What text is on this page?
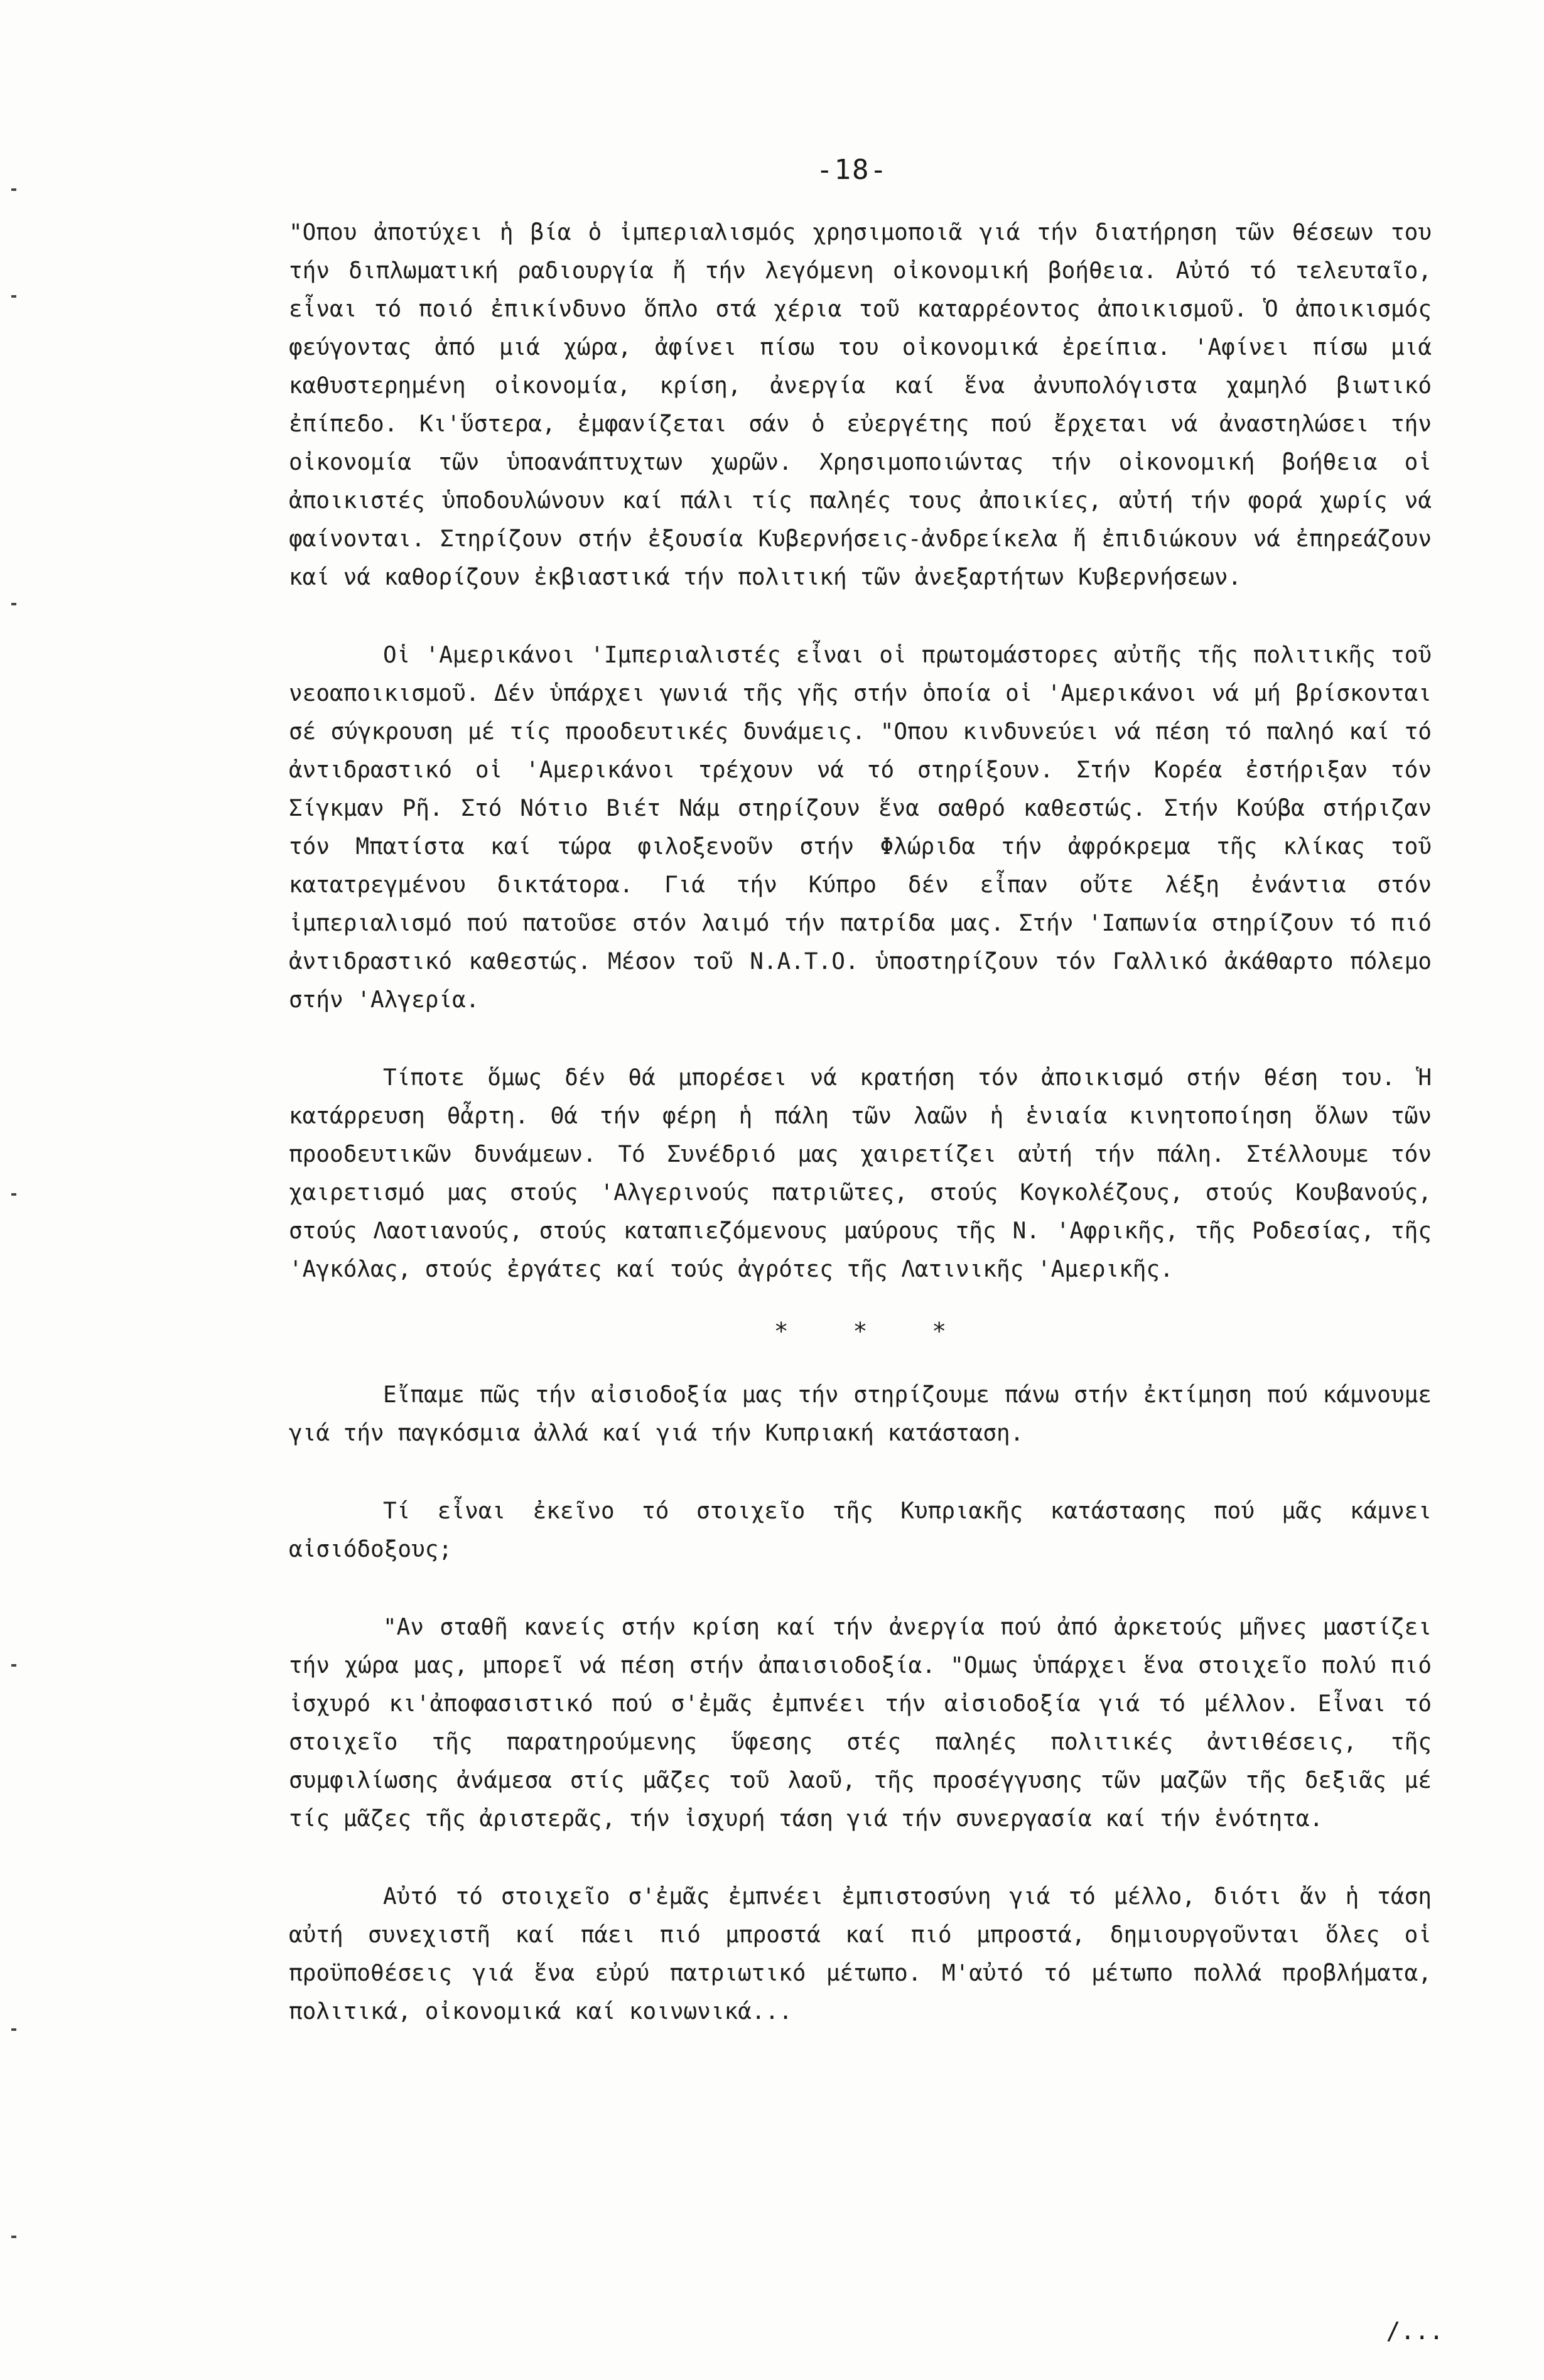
-18-

"Οπου ἀποτύχει ἡ βία ὁ ἰμπεριαλισμός χρησιμοποιᾶ γιά τήν διατήρηση τῶν θέσεων του τήν διπλωματική ραδιουργία ἤ τήν λεγόμενη οἰκονομική βοήθεια. Αὐτό τό τελευταῖο, εἶναι τό ποιό ἐπικίνδυνο ὅπλο στά χέρια τοῦ καταρρέοντος ἀποικισμοῦ. Ὁ ἀποικισμός φεύγοντας ἀπό μιά χώρα, ἀφίνει πίσω του οἰκονομικά ἐρείπια. 'Αφίνει πίσω μιά καθυστερημένη οἰκονομία, κρίση, ἀνεργία καί ἕνα ἀνυπολόγιστα χαμηλό βιωτικό ἐπίπεδο. Κι'ὕστερα, ἐμφανίζεται σάν ὁ εὐεργέτης πού ἔρχεται νά ἀναστηλώσει τήν οἰκονομία τῶν ὑποανάπτυχτων χωρῶν. Χρησιμοποιώντας τήν οἰκονομική βοήθεια οἱ ἀποικιστές ὑποδουλώνουν καί πάλι τίς παληές τους ἀποικίες, αὐτή τήν φορά χωρίς νά φαίνονται. Στηρίζουν στήν ἐξουσία Κυβερνήσεις-ἀνδρείκελα ἤ ἐπιδιώκουν νά ἐπηρεάζουν καί νά καθορίζουν ἐκβιαστικά τήν πολιτική τῶν ἀνεξαρτήτων Κυβερνήσεων.

Οἱ 'Αμερικάνοι 'Ιμπεριαλιστές εἶναι οἱ πρωτομάστορες αὐτῆς τῆς πολιτικῆς τοῦ νεοαποικισμοῦ. Δέν ὑπάρχει γωνιά τῆς γῆς στήν ὁποία οἱ 'Αμερικάνοι νά μή βρίσκονται σέ σύγκρουση μέ τίς προοδευτικές δυνάμεις. "Οπου κινδυνεύει νά πέση τό παληό καί τό ἀντιδραστικό οἱ 'Αμερικάνοι τρέχουν νά τό στηρίξουν. Στήν Κορέα ἐστήριξαν τόν Σίγκμαν Ρῆ. Στό Νότιο Βιέτ Νάμ στηρίζουν ἕνα σαθρό καθεστώς. Στήν Κούβα στήριζαν τόν Μπατίστα καί τώρα φιλοξενοῦν στήν Φλώριδα τήν ἀφρόκρεμα τῆς κλίκας τοῦ κατατρεγμένου δικτάτορα. Γιά τήν Κύπρο δέν εἶπαν οὔτε λέξη ἐνάντια στόν ἰμπεριαλισμό πού πατοῦσε στόν λαιμό τήν πατρίδα μας. Στήν 'Ιαπωνία στηρίζουν τό πιό ἀντιδραστικό καθεστώς. Μέσον τοῦ Ν.Α.Τ.Ο. ὑποστηρίζουν τόν Γαλλικό ἀκάθαρτο πόλεμο στήν 'Αλγερία.

Τίποτε ὅμως δέν θά μπορέσει νά κρατήση τόν ἀποικισμό στήν θέση του. Ἡ κατάρρευση θἆρτη. Θά τήν φέρη ἡ πάλη τῶν λαῶν ἡ ἑνιαία κινητοποίηση ὅλων τῶν προοδευτικῶν δυνάμεων. Τό Συνέδριό μας χαιρετίζει αὐτή τήν πάλη. Στέλλουμε τόν χαιρετισμό μας στούς 'Αλγερινούς πατριῶτες, στούς Κογκολέζους, στούς Κουβανούς, στούς Λαοτιανούς, στούς καταπιεζόμενους μαύρους τῆς Ν. 'Αφρικῆς, τῆς Ροδεσίας, τῆς 'Αγκόλας, στούς ἐργάτες καί τούς ἀγρότες τῆς Λατινικῆς 'Αμερικῆς.

* * *

Εἴπαμε πῶς τήν αἰσιοδοξία μας τήν στηρίζουμε πάνω στήν ἐκτίμηση πού κάμνουμε γιά τήν παγκόσμια ἀλλά καί γιά τήν Κυπριακή κατάσταση.

Τί εἶναι ἐκεῖνο τό στοιχεῖο τῆς Κυπριακῆς κατάστασης πού μᾶς κάμνει αἰσιόδοξους;

"Αν σταθῆ κανείς στήν κρίση καί τήν ἀνεργία πού ἀπό ἀρκετούς μῆνες μαστίζει τήν χώρα μας, μπορεῖ νά πέση στήν ἀπαισιοδοξία. "Ομως ὑπάρχει ἕνα στοιχεῖο πολύ πιό ἰσχυρό κι'ἀποφασιστικό πού σ'ἐμᾶς ἐμπνέει τήν αἰσιοδοξία γιά τό μέλλον. Εἶναι τό στοιχεῖο τῆς παρατηρούμενης ὕφεσης στές παληές πολιτικές ἀντιθέσεις, τῆς συμφιλίωσης ἀνάμεσα στίς μᾶζες τοῦ λαοῦ, τῆς προσέγγυσης τῶν μαζῶν τῆς δεξιᾶς μέ τίς μᾶζες τῆς ἀριστερᾶς, τήν ἰσχυρή τάση γιά τήν συνεργασία καί τήν ἑνότητα.

Αὐτό τό στοιχεῖο σ'ἐμᾶς ἐμπνέει ἐμπιστοσύνη γιά τό μέλλο, διότι ἄν ἡ τάση αὐτή συνεχιστῆ καί πάει πιό μπροστά καί πιό μπροστά, δημιουργοῦνται ὅλες οἱ προϋποθέσεις γιά ἕνα εὐρύ πατριωτικό μέτωπο. Μ'αὐτό τό μέτωπο πολλά προβλήματα, πολιτικά, οἰκονομικά καί κοινωνικά...

/...
